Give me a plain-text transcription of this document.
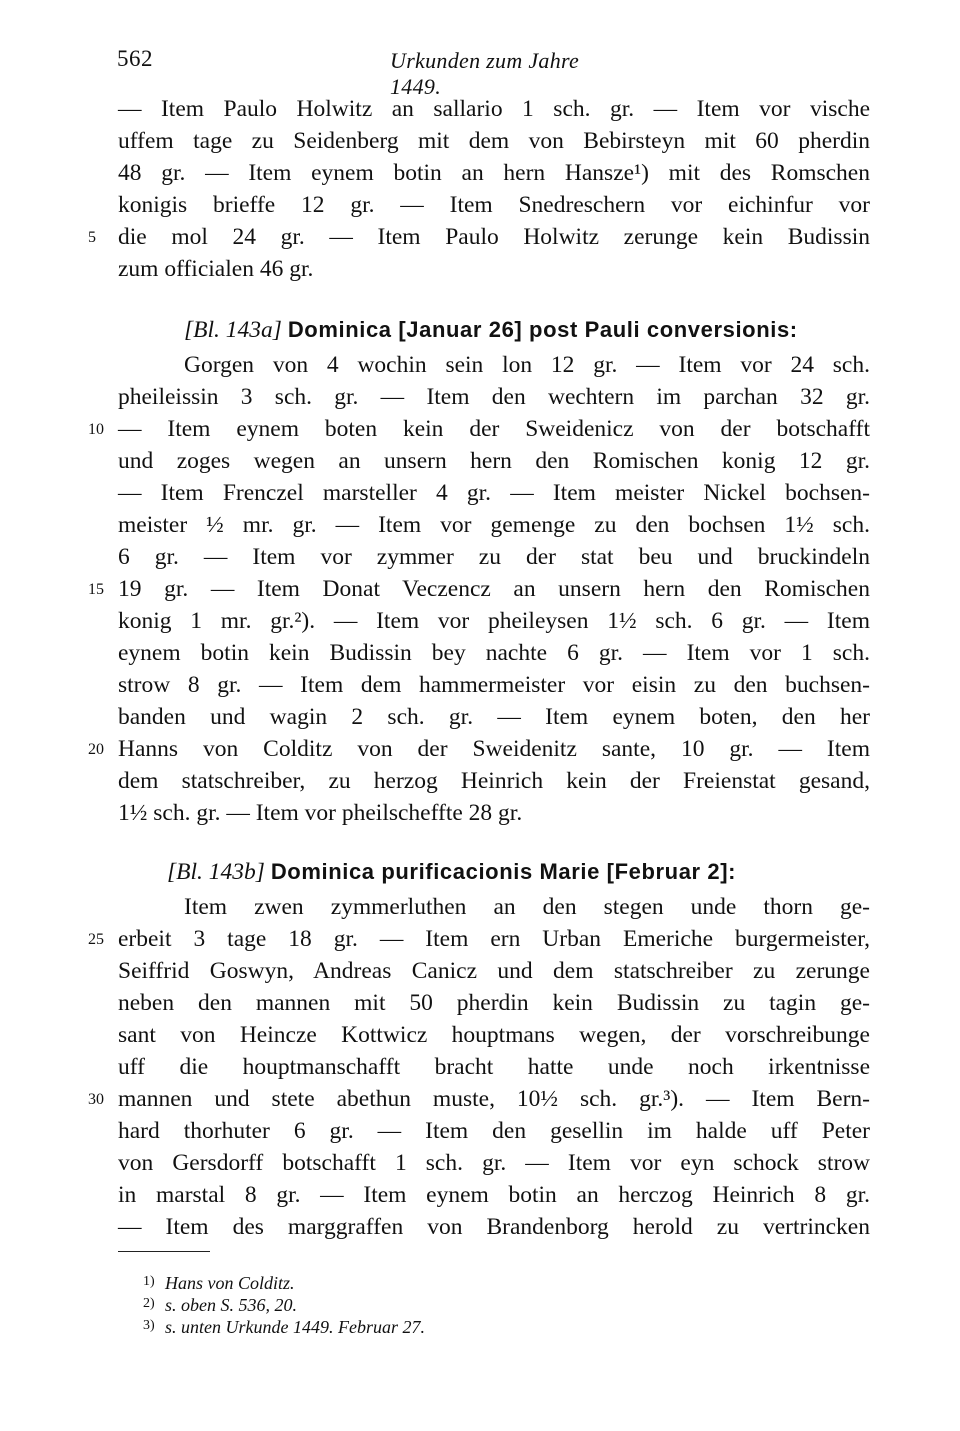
562	Urkunden zum Jahre 1449.
— Item Paulo Holwitz an sallario 1 sch. gr. — Item vor vische
uffem tage zu Seidenberg mit dem von Bebirsteyn mit 60 pherdin
48 gr. — Item eynem botin an hern Hansze¹) mit des Romschen
konigis brieffe 12 gr. — Item Snedreschern vor eichinfur vor
die mol 24 gr. — Item Paulo Holwitz zerunge kein Budissin
zum officialen 46 gr.
5
[Bl. 143a] Dominica [Januar 26] post Pauli conversionis:
Gorgen von 4 wochin sein lon 12 gr. — Item vor 24 sch.
pheileissin 3 sch. gr. — Item den wechtern im parchan 32 gr.
— Item eynem boten kein der Sweidenicz von der botschafft
und zoges wegen an unsern hern den Romischen konig 12 gr.
— Item Frenczel marsteller 4 gr. — Item meister Nickel bochsen-
meister ½ mr. gr. — Item vor gemenge zu den bochsen 1½ sch.
6 gr. — Item vor zymmer zu der stat beu und bruckindeln
19 gr. — Item Donat Veczencz an unsern hern den Romischen
konig 1 mr. gr.²). — Item vor pheileysen 1½ sch. 6 gr. — Item
eynem botin kein Budissin bey nachte 6 gr. — Item vor 1 sch.
strow 8 gr. — Item dem hammermeister vor eisin zu den buchsen-
banden und wagin 2 sch. gr. — Item eynem boten, den her
Hanns von Colditz von der Sweidenitz sante, 10 gr. — Item
dem statschreiber, zu herzog Heinrich kein der Freienstat gesand,
1½ sch. gr. — Item vor pheilscheffte 28 gr.
10
15
20
[Bl. 143b] Dominica purificacionis Marie [Februar 2]:
Item zwen zymmerluthen an den stegen unde thorn ge-
erbeit 3 tage 18 gr. — Item ern Urban Emeriche burgermeister,
Seiffrid Goswyn, Andreas Canicz und dem statschreiber zu zerunge
neben den mannen mit 50 pherdin kein Budissin zu tagin ge-
sant von Heincze Kottwicz houptmans wegen, der vorschreibunge
uff die houptmanschafft bracht hatte unde noch irkentnisse
mannen und stete abethun muste, 10½ sch. gr.³). — Item Bern-
hard thorhuter 6 gr. — Item den gesellin im halde uff Peter
von Gersdorff botschafft 1 sch. gr. — Item vor eyn schock strow
in marstal 8 gr. — Item eynem botin an herczog Heinrich 8 gr.
— Item des marggraffen von Brandenborg herold zu vertrincken
25
30
1) Hans von Colditz.
2) s. oben S. 536, 20.
3) s. unten Urkunde 1449. Februar 27.
